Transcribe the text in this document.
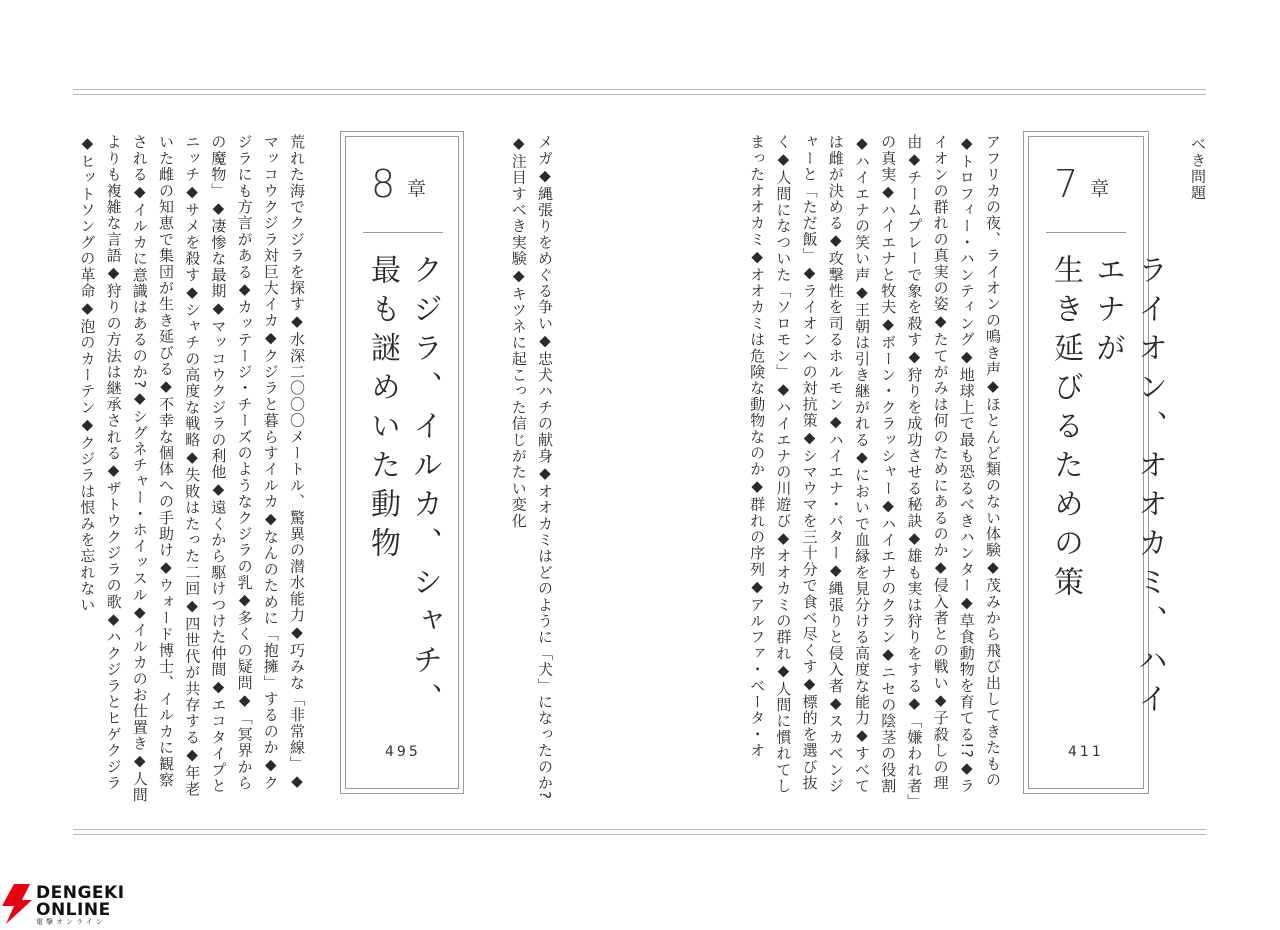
べき問題
7 章

ライオン、オオカミ、ハイエナが
生き延びるための策

411
アフリカの夜、ライオンの鳴き声◆ほとんど類のない体験◆茂みから飛び出してきたもの◆トロフィー・ハンティング◆地球上で最も恐るべきハンター◆草食動物を育てる!?◆ライオンの群れの真実の姿◆たてがみは何のためにあるのか◆侵入者との戦い◆子殺しの理由◆チームプレーで象を殺す◆狩りを成功させる秘訣◆雄も実は狩りをする◆「嫌われ者」の真実◆ハイエナと牧夫◆ボーン・クラッシャー◆ハイエナのクラン◆ニセの陰茎の役割◆ハイエナの笑い声◆王朝は引き継がれる◆においで血縁を見分ける高度な能力◆すべては雌が決める◆攻撃性を司るホルモン◆ハイエナ・バター◆縄張りと侵入者◆スカベンジャーと「ただ飯」◆ライオンへの対抗策◆シマウマを三十分で食べ尽くす◆標的を選び抜く◆人間になついた「ソロモン」◆ハイエナの川遊び◆オオカミの群れ◆人間に慣れてしまったオオカミ◆オオカミは危険な動物なのか◆群れの序列◆アルファ・ベータ・オ
メガ◆縄張りをめぐる争い◆忠犬ハチの献身◆オオカミはどのように「犬」になったのか?◆注目すべき実験◆キツネに起こった信じがたい変化
8 章

クジラ、イルカ、シャチ、
最も謎めいた動物

495
荒れた海でクジラを探す◆水深二〇〇〇メートル、驚異の潜水能力◆巧みな「非常線」◆マッコウクジラ対巨大イカ◆クジラと暮らすイルカ◆なんのために「抱擁」するのか◆クジラにも方言がある◆カッテージ・チーズのようなクジラの乳◆多くの疑問◆「冥界からの魔物」◆凄惨な最期◆マッコウクジラの利他◆遠くから駆けつけた仲間◆エコタイプとニッチ◆サメを殺す◆シャチの高度な戦略◆失敗はたった二回◆四世代が共存する◆年老いた雌の知恵で集団が生き延びる◆不幸な個体への手助け◆ウォード博士、イルカに観察される◆イルカに意識はあるのか?◆シグネチャー・ホイッスル◆イルカのお仕置き◆人間よりも複雑な言語◆狩りの方法は継承される◆ザトウクジラの歌◆ハクジラとヒゲクジラ◆ヒットソングの革命◆泡のカーテン◆クジラは恨みを忘れない
DENGEKI
ONLINE
電撃オンライン
